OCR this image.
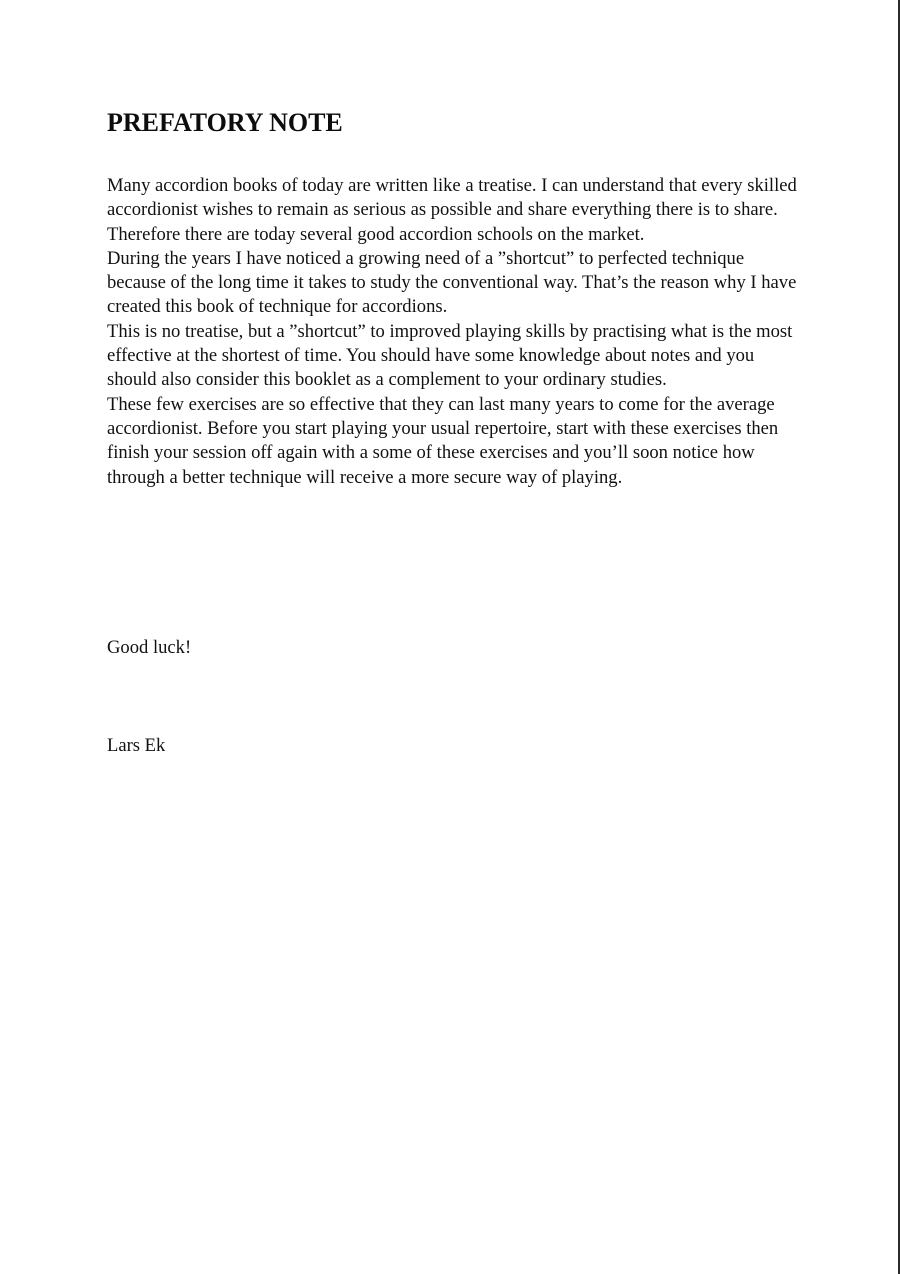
PREFATORY NOTE

Many accordion books of today are written like a treatise. I can understand that every skilled accordionist wishes to remain as serious as possible and share everything there is to share. Therefore there are today several good accordion schools on the market.

During the years I have noticed a growing need of a ”shortcut” to perfected technique because of the long time it takes to study the conventional way. That’s the reason why I have created this book of technique for accordions.

This is no treatise, but a ”shortcut” to improved playing skills by practising what is the most effective at the shortest of time. You should have some knowledge about notes and you should also consider this booklet as a complement to your ordinary studies.

These few exercises are so effective that they can last many years to come for the average accordionist. Before you start playing your usual repertoire, start with these exercises then finish your session off again with a some of these exercises and you’ll soon notice how through a better technique will receive a more secure way of playing.

Good luck!

Lars Ek
